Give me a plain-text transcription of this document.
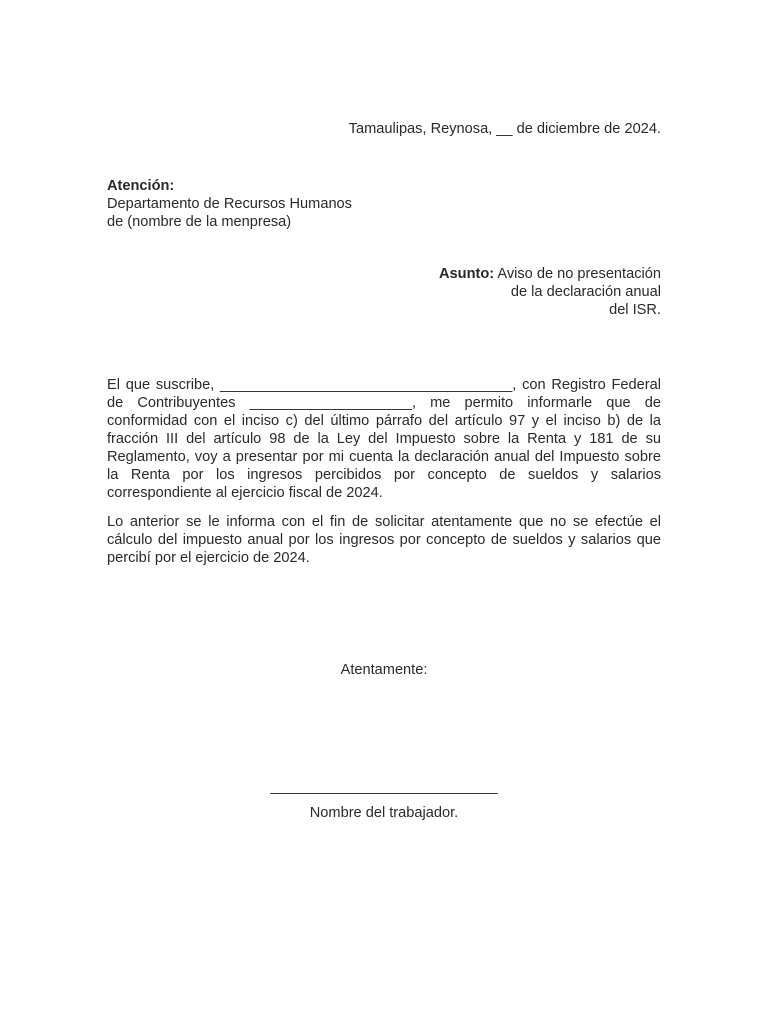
Tamaulipas, Reynosa, __ de diciembre de 2024.
Atención:
Departamento de Recursos Humanos
de (nombre de la menpresa)
Asunto: Aviso de no presentación
de la declaración anual
del ISR.

El que suscribe, ____________________________________, con Registro Federal de Contribuyentes ____________________, me permito informarle que de conformidad con el inciso c) del último párrafo del artículo 97 y el inciso b) de la fracción III del artículo 98 de la Ley del Impuesto sobre la Renta y 181 de su Reglamento, voy a presentar por mi cuenta la declaración anual del Impuesto sobre la Renta por los ingresos percibidos por concepto de sueldos y salarios correspondiente al ejercicio fiscal de 2024.

Lo anterior se le informa con el fin de solicitar atentamente que no se efectúe el cálculo del impuesto anual por los ingresos por concepto de sueldos y salarios que percibí por el ejercicio de 2024.

Atentamente:
____________________________
Nombre del trabajador.
